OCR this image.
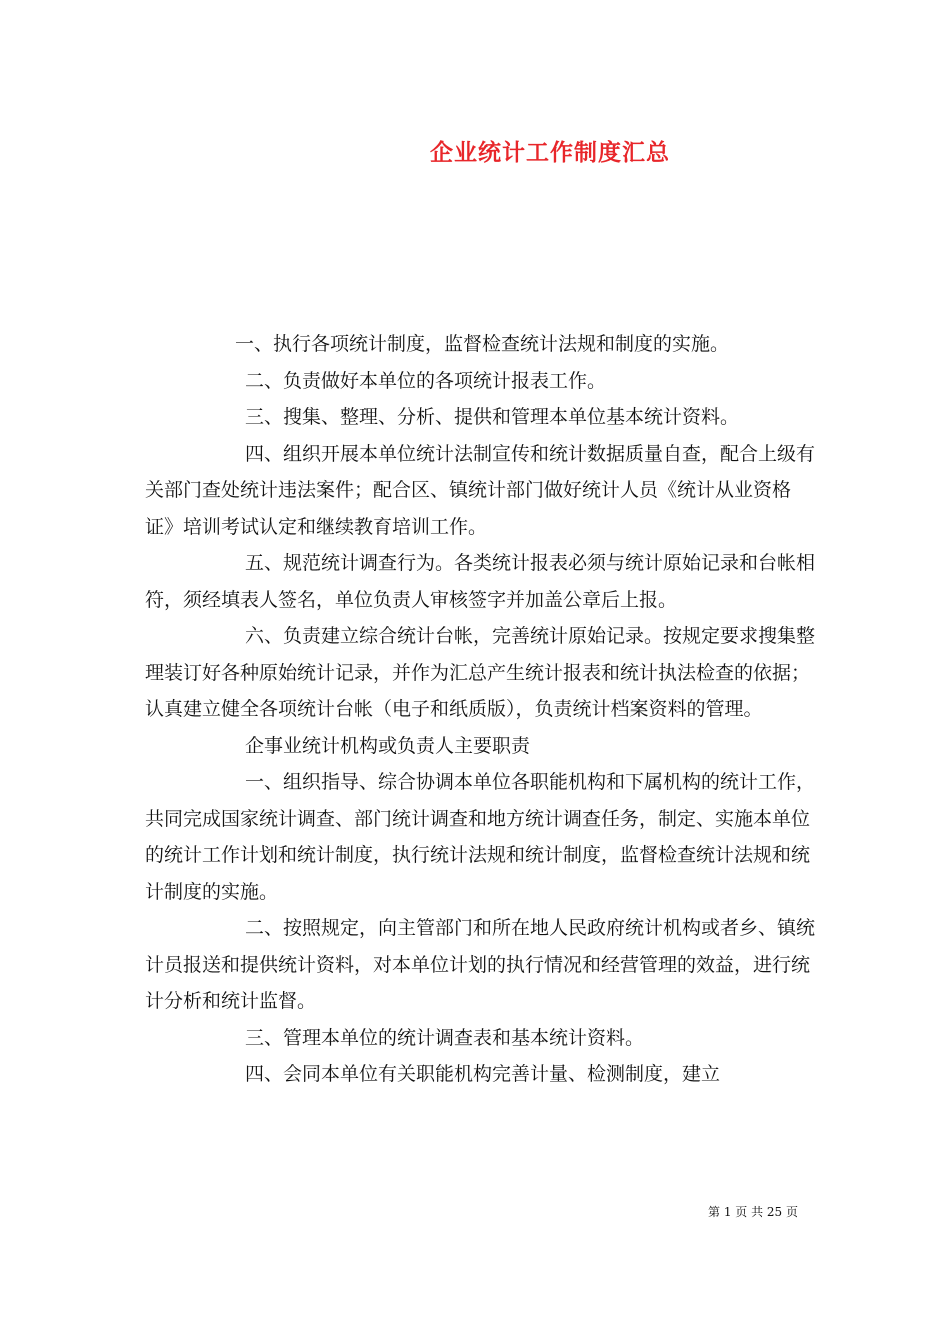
企业统计工作制度汇总

一、执行各项统计制度，监督检查统计法规和制度的实施。

二、负责做好本单位的各项统计报表工作。

三、搜集、整理、分析、提供和管理本单位基本统计资料。

四、组织开展本单位统计法制宣传和统计数据质量自查，配合上级有关部门查处统计违法案件；配合区、镇统计部门做好统计人员《统计从业资格证》培训考试认定和继续教育培训工作。

五、规范统计调查行为。各类统计报表必须与统计原始记录和台帐相符，须经填表人签名，单位负责人审核签字并加盖公章后上报。

六、负责建立综合统计台帐，完善统计原始记录。按规定要求搜集整理装订好各种原始统计记录，并作为汇总产生统计报表和统计执法检查的依据；认真建立健全各项统计台帐（电子和纸质版），负责统计档案资料的管理。

企事业统计机构或负责人主要职责

一、组织指导、综合协调本单位各职能机构和下属机构的统计工作，共同完成国家统计调查、部门统计调查和地方统计调查任务，制定、实施本单位的统计工作计划和统计制度，执行统计法规和统计制度，监督检查统计法规和统计制度的实施。

二、按照规定，向主管部门和所在地人民政府统计机构或者乡、镇统计员报送和提供统计资料，对本单位计划的执行情况和经营管理的效益，进行统计分析和统计监督。

三、管理本单位的统计调查表和基本统计资料。

四、会同本单位有关职能机构完善计量、检测制度，建立

第 1 页 共 25 页
